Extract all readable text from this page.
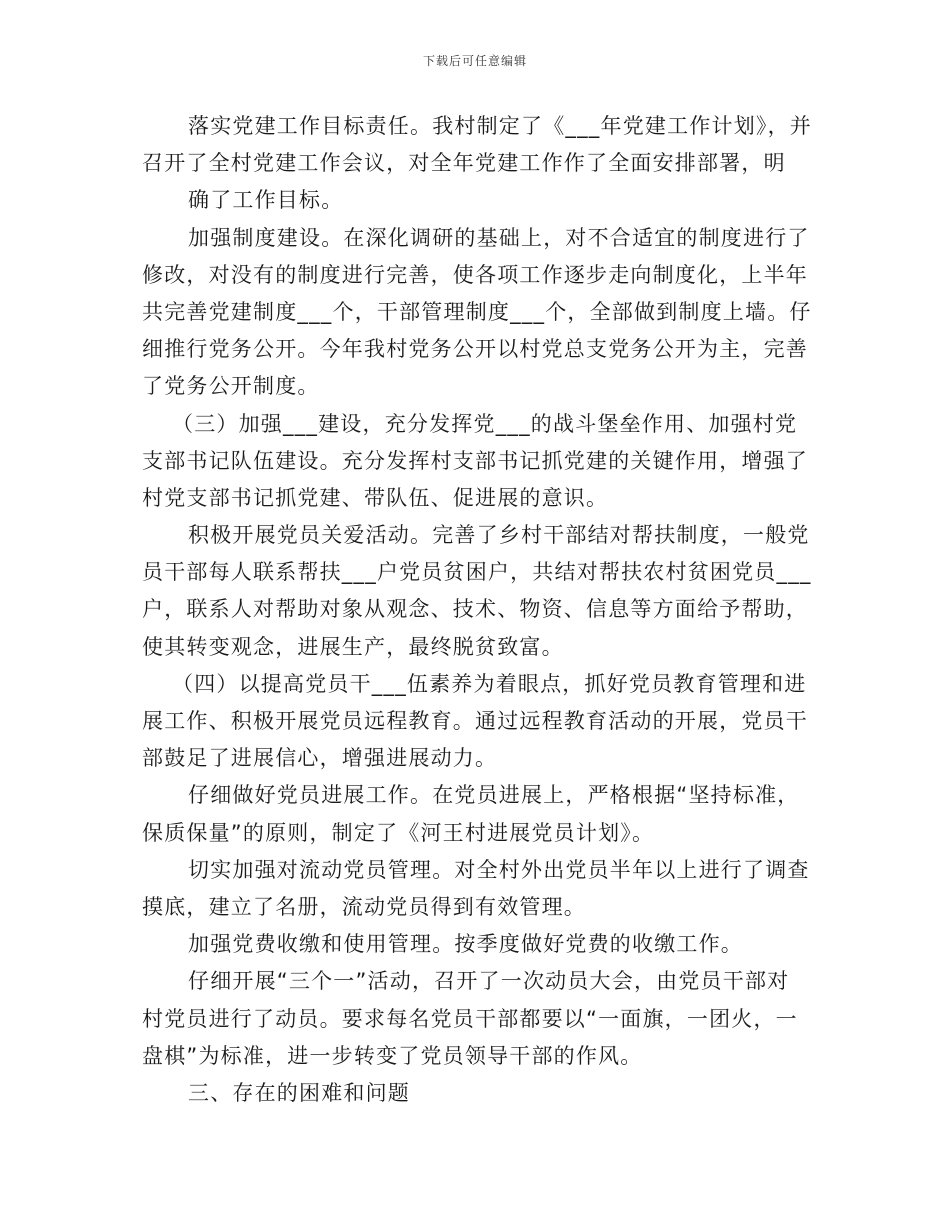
下载后可任意编辑
落实党建工作目标责任。我村制定了《___年党建工作计划》，并
召开了全村党建工作会议，对全年党建工作作了全面安排部署，明
确了工作目标。
加强制度建设。在深化调研的基础上，对不合适宜的制度进行了
修改，对没有的制度进行完善，使各项工作逐步走向制度化，上半年
共完善党建制度___个，干部管理制度___个，全部做到制度上墙。仔
细推行党务公开。今年我村党务公开以村党总支党务公开为主，完善
了党务公开制度。
（三）加强___建设，充分发挥党___的战斗堡垒作用、加强村党
支部书记队伍建设。充分发挥村支部书记抓党建的关键作用，增强了
村党支部书记抓党建、带队伍、促进展的意识。
积极开展党员关爱活动。完善了乡村干部结对帮扶制度，一般党
员干部每人联系帮扶___户党员贫困户，共结对帮扶农村贫困党员___
户，联系人对帮助对象从观念、技术、物资、信息等方面给予帮助，
使其转变观念，进展生产，最终脱贫致富。
（四）以提高党员干___伍素养为着眼点，抓好党员教育管理和进
展工作、积极开展党员远程教育。通过远程教育活动的开展，党员干
部鼓足了进展信心，增强进展动力。
仔细做好党员进展工作。在党员进展上，严格根据“坚持标准，
保质保量”的原则，制定了《河王村进展党员计划》。
切实加强对流动党员管理。对全村外出党员半年以上进行了调查
摸底，建立了名册，流动党员得到有效管理。
加强党费收缴和使用管理。按季度做好党费的收缴工作。
仔细开展“三个一”活动，召开了一次动员大会，由党员干部对
村党员进行了动员。要求每名党员干部都要以“一面旗，一团火，一
盘棋”为标准，进一步转变了党员领导干部的作风。
三、存在的困难和问题
